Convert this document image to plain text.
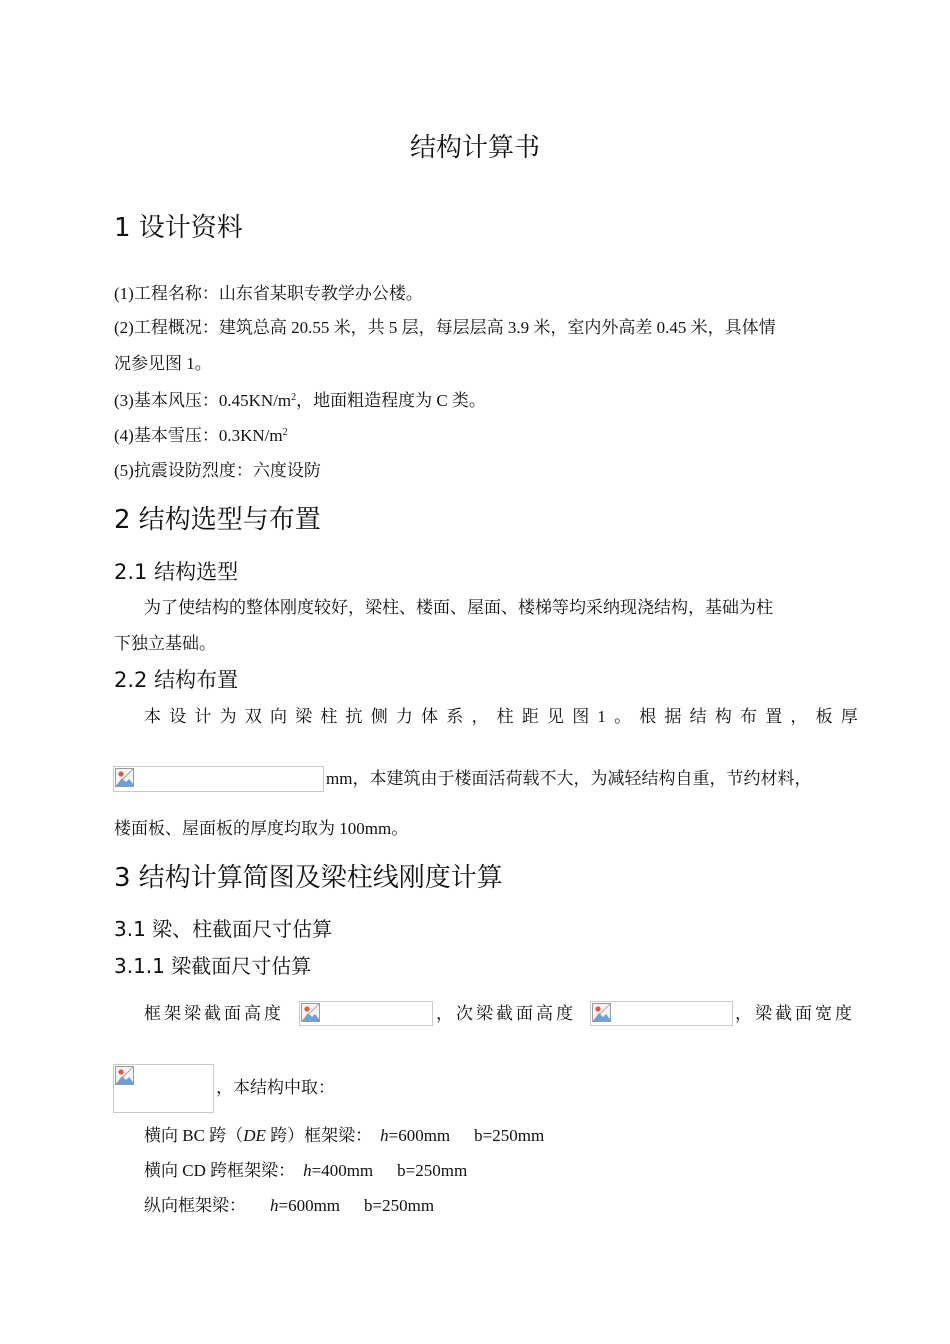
结构计算书
1 设计资料
(1)工程名称：山东省某职专教学办公楼。
(2)工程概况：建筑总高 20.55 米，共 5 层，每层层高 3.9 米，室内外高差 0.45 米，具体情
况参见图 1。
(3)基本风压：$0.45KN/m^2$，地面粗造程度为 C 类。
(4)基本雪压：$0.3KN/m^2$
(5)抗震设防烈度：六度设防
2 结构选型与布置
2.1 结构选型
为了使结构的整体刚度较好，梁柱、楼面、屋面、楼梯等均采纳现浇结构，基础为柱
下独立基础。
2.2 结构布置
本 设 计 为 双 向 梁 柱 抗 侧 力 体 系 ， 柱 距 见 图 1 。 根 据 结 构 布 置 ， 板 厚
mm，本建筑由于楼面活荷载不大，为减轻结构自重，节约材料，
楼面板、屋面板的厚度均取为 100mm。
3 结构计算简图及梁柱线刚度计算
3.1 梁、柱截面尺寸估算
3.1.1 梁截面尺寸估算
框架梁截面高度	，次梁截面高度	，梁截面宽度
，本结构中取：
横向 BC 跨（DE 跨）框架梁： h=600mm b=250mm
横向 CD 跨框架梁： h=400mm b=250mm
纵向框架梁： h=600mm b=250mm
